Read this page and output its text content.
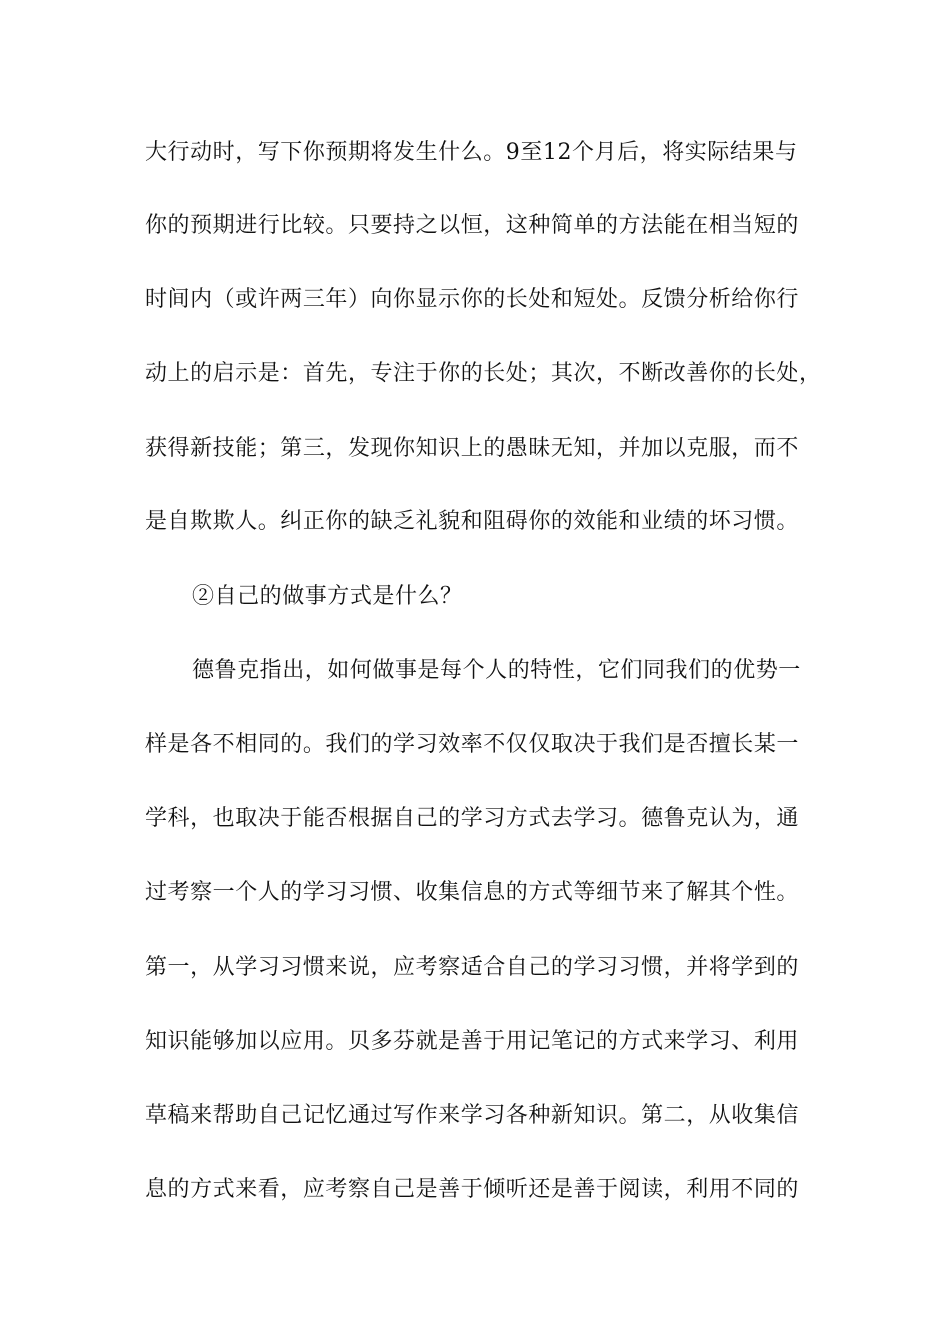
大行动时，写下你预期将发生什么。9至12个月后，将实际结果与
你的预期进行比较。只要持之以恒，这种简单的方法能在相当短的
时间内（或许两三年）向你显示你的长处和短处。反馈分析给你行
动上的启示是：首先，专注于你的长处；其次，不断改善你的长处，
获得新技能；第三，发现你知识上的愚昧无知，并加以克服，而不
是自欺欺人。纠正你的缺乏礼貌和阻碍你的效能和业绩的坏习惯。
②自己的做事方式是什么？
德鲁克指出，如何做事是每个人的特性，它们同我们的优势一
样是各不相同的。我们的学习效率不仅仅取决于我们是否擅长某一
学科，也取决于能否根据自己的学习方式去学习。德鲁克认为，通
过考察一个人的学习习惯、收集信息的方式等细节来了解其个性。
第一，从学习习惯来说，应考察适合自己的学习习惯，并将学到的
知识能够加以应用。贝多芬就是善于用记笔记的方式来学习、利用
草稿来帮助自己记忆通过写作来学习各种新知识。第二，从收集信
息的方式来看，应考察自己是善于倾听还是善于阅读，利用不同的
